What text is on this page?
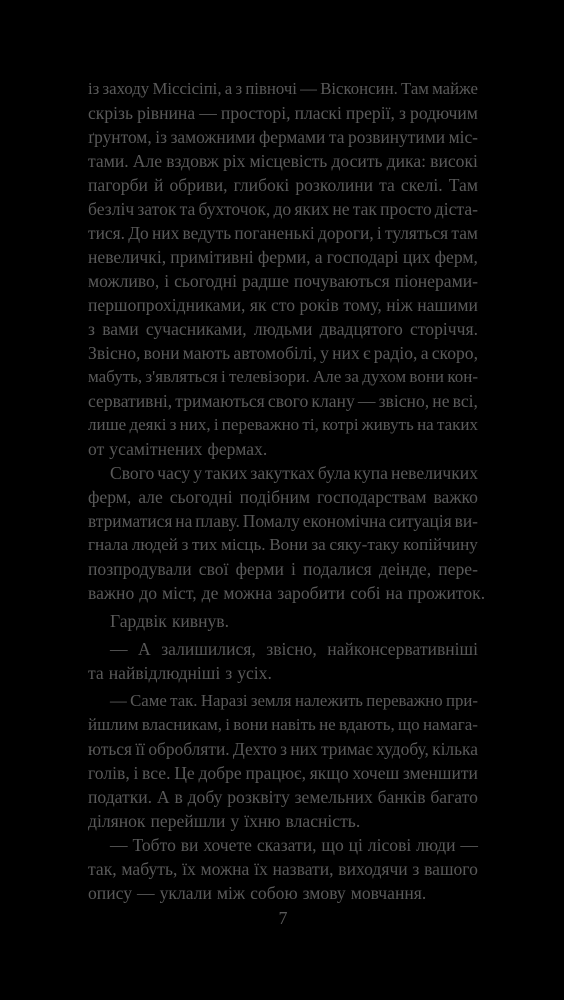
із заходу Міссісіпі, а з півночі — Вісконсин. Там майже
скрізь рівнина — просторі, пласкі прерії, з родючим
ґрунтом, із заможними фермами та розвинутими міс-
тами. Але вздовж ріх місцевість досить дика: високі
пагорби й обриви, глибокі розколини та скелі. Там
безліч заток та бухточок, до яких не так просто діста-
тися. До них ведуть поганенькі дороги, і туляться там
невеличкі, примітивні ферми, а господарі цих ферм,
можливо, і сьогодні радше почуваються піонерами-
першопрохідниками, як сто років тому, ніж нашими
з вами сучасниками, людьми двадцятого сторіччя.
Звісно, вони мають автомобілі, у них є радіо, а скоро,
мабуть, з'являться і телевізори. Але за духом вони кон-
сервативні, тримаються свого клану — звісно, не всі,
лише деякі з них, і переважно ті, котрі живуть на таких
от усамітнених фермах.
Свого часу у таких закутках була купа невеличких
ферм, але сьогодні подібним господарствам важко
втриматися на плаву. Помалу економічна ситуація ви-
гнала людей з тих місць. Вони за сяку-таку копійчину
позпродували свої ферми і подалися деінде, пере-
важно до міст, де можна заробити собі на прожиток.
Гардвік кивнув.
— А залишилися, звісно, найконсервативніші
та найвідлюдніші з усіх.
— Саме так. Наразі земля належить переважно при-
йшлим власникам, і вони навіть не вдають, що намага-
ються її обробляти. Дехто з них тримає худобу, кілька
голів, і все. Це добре працює, якщо хочеш зменшити
податки. А в добу розквіту земельних банків багато
ділянок перейшли у їхню власність.
— Тобто ви хочете сказати, що ці лісові люди —
так, мабуть, їх можна їх назвати, виходячи з вашого
опису — уклали між собою змову мовчання.
7
